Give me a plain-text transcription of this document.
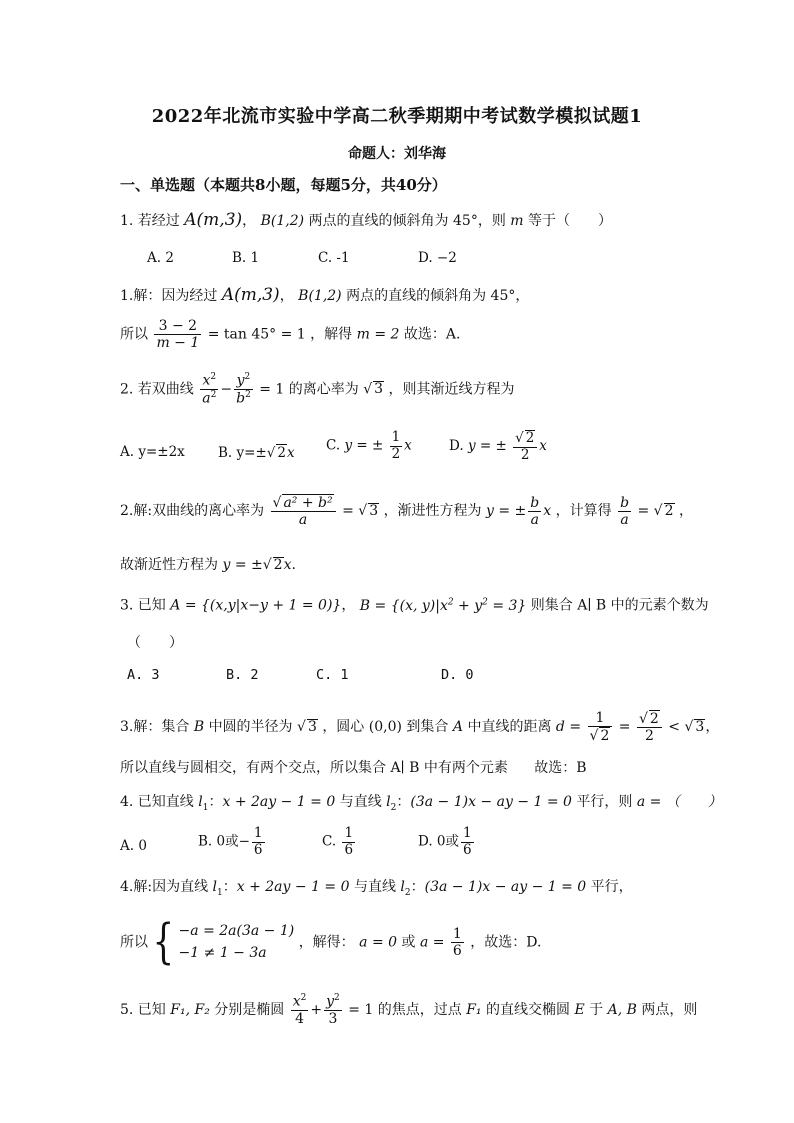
2022年北流市实验中学高二秋季期期中考试数学模拟试题1
命题人：刘华海
一、单选题（本题共8小题，每题5分，共40分）
1. 若经过 A(m,3)， B(1,2) 两点的直线的倾斜角为 45°，则 m 等于（　　）
A. 2	B. 1	C. -1	D. −2
1.解：因为经过 A(m,3)， B(1,2) 两点的直线的倾斜角为 45°，
所以 $\frac{3 - 2}{m - 1} = \tan 45^\circ = 1$ ，解得 m = 2 故选：A.
2. 若双曲线 $\frac{x^2}{a^2} - \frac{y^2}{b^2} = 1$ 的离心率为 √ 3 ，则其渐近线方程为
A. y=±2x B. y=±√ 2x C. y = ± $\frac{1}{2}$ x	D. y = ± $\frac{√ 2}{2}$ x
2.解:双曲线的离心率为 $\frac{\text{√ a² + b²}}{a}$ = √ 3 ，渐进性方程为 y = ± $\frac{b}{a}$ x ，计算得 $\frac{b}{a}$ = √ 2 ，
故渐近性方程为 y = ±√ 2x.
3. 已知 A = {(x,y|x−y + 1 = 0)}， B = {(x, $y)|x^2 + y^2 = 3$} 则集合 A∣ B 中的元素个数为
（　　）
A. 3	B. 2	C. 1	D. 0
3.解：集合 B 中圆的半径为 √ 3 ，圆心 (0,0) 到集合 A 中直线的距离 $d = \frac{1}{√ 2} = \frac{√ 2}{2}$ < √ 3，
所以直线与圆相交，有两个交点，所以集合 A∣ B 中有两个元素 故选：B
4. 已知直线 $l_1$：x + 2ay − 1 = 0 与直线 $l_2$：(3a − 1)x − ay − 1 = 0 平行，则 a = （　　）
A. 0	B. 0或− $\frac{1}{6}$	C. $\frac{1}{6}$	D. 0或 $\frac{1}{6}$
4.解:因为直线 $l_1$：x + 2ay − 1 = 0 与直线 $l_2$：(3a − 1)x − ay − 1 = 0 平行，
所以 { −a = 2a(3a − 1)
−1 ≠ 1 − 3a
，解得： a = 0 或 $a = \frac{1}{6}$ ，故选：D.
5. 已知 F₁, F₂ 分别是椭圆 $\frac{x^2}{4} + \frac{y^2}{3} = 1$ 的焦点，过点 F₁ 的直线交椭圆 E 于 A, B 两点，则
